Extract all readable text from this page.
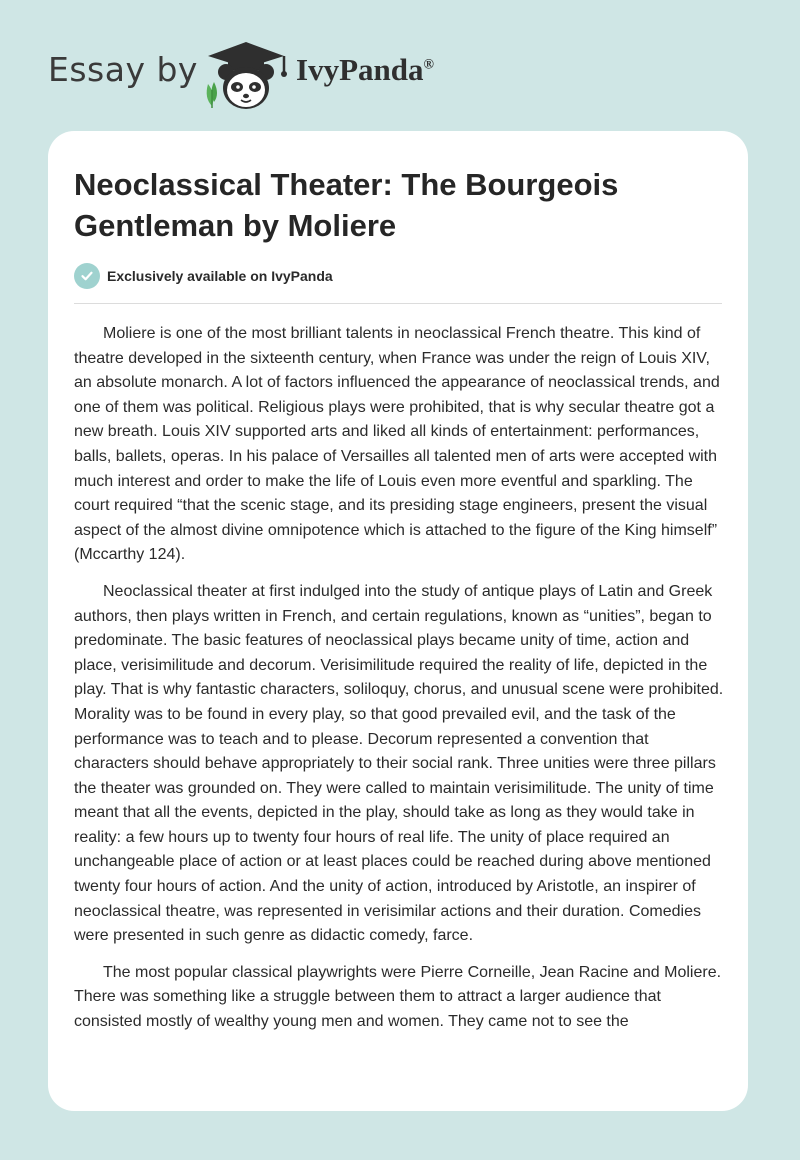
Essay by	IvyPanda®
Neoclassical Theater: The Bourgeois Gentleman by Moliere
Exclusively available on IvyPanda

Moliere is one of the most brilliant talents in neoclassical French theatre. This kind of theatre developed in the sixteenth century, when France was under the reign of Louis XIV, an absolute monarch. A lot of factors influenced the appearance of neoclassical trends, and one of them was political. Religious plays were prohibited, that is why secular theatre got a new breath. Louis XIV supported arts and liked all kinds of entertainment: performances, balls, ballets, operas. In his palace of Versailles all talented men of arts were accepted with much interest and order to make the life of Louis even more eventful and sparkling. The court required “that the scenic stage, and its presiding stage engineers, present the visual aspect of the almost divine omnipotence which is attached to the figure of the King himself” (Mccarthy 124).

Neoclassical theater at first indulged into the study of antique plays of Latin and Greek authors, then plays written in French, and certain regulations, known as “unities”, began to predominate. The basic features of neoclassical plays became unity of time, action and place, verisimilitude and decorum. Verisimilitude required the reality of life, depicted in the play. That is why fantastic characters, soliloquy, chorus, and unusual scene were prohibited. Morality was to be found in every play, so that good prevailed evil, and the task of the performance was to teach and to please. Decorum represented a convention that characters should behave appropriately to their social rank. Three unities were three pillars the theater was grounded on. They were called to maintain verisimilitude. The unity of time meant that all the events, depicted in the play, should take as long as they would take in reality: a few hours up to twenty four hours of real life. The unity of place required an unchangeable place of action or at least places could be reached during above mentioned twenty four hours of action. And the unity of action, introduced by Aristotle, an inspirer of neoclassical theatre, was represented in verisimilar actions and their duration. Comedies were presented in such genre as didactic comedy, farce.

The most popular classical playwrights were Pierre Corneille, Jean Racine and Moliere. There was something like a struggle between them to attract a larger audience that consisted mostly of wealthy young men and women. They came not to see the
